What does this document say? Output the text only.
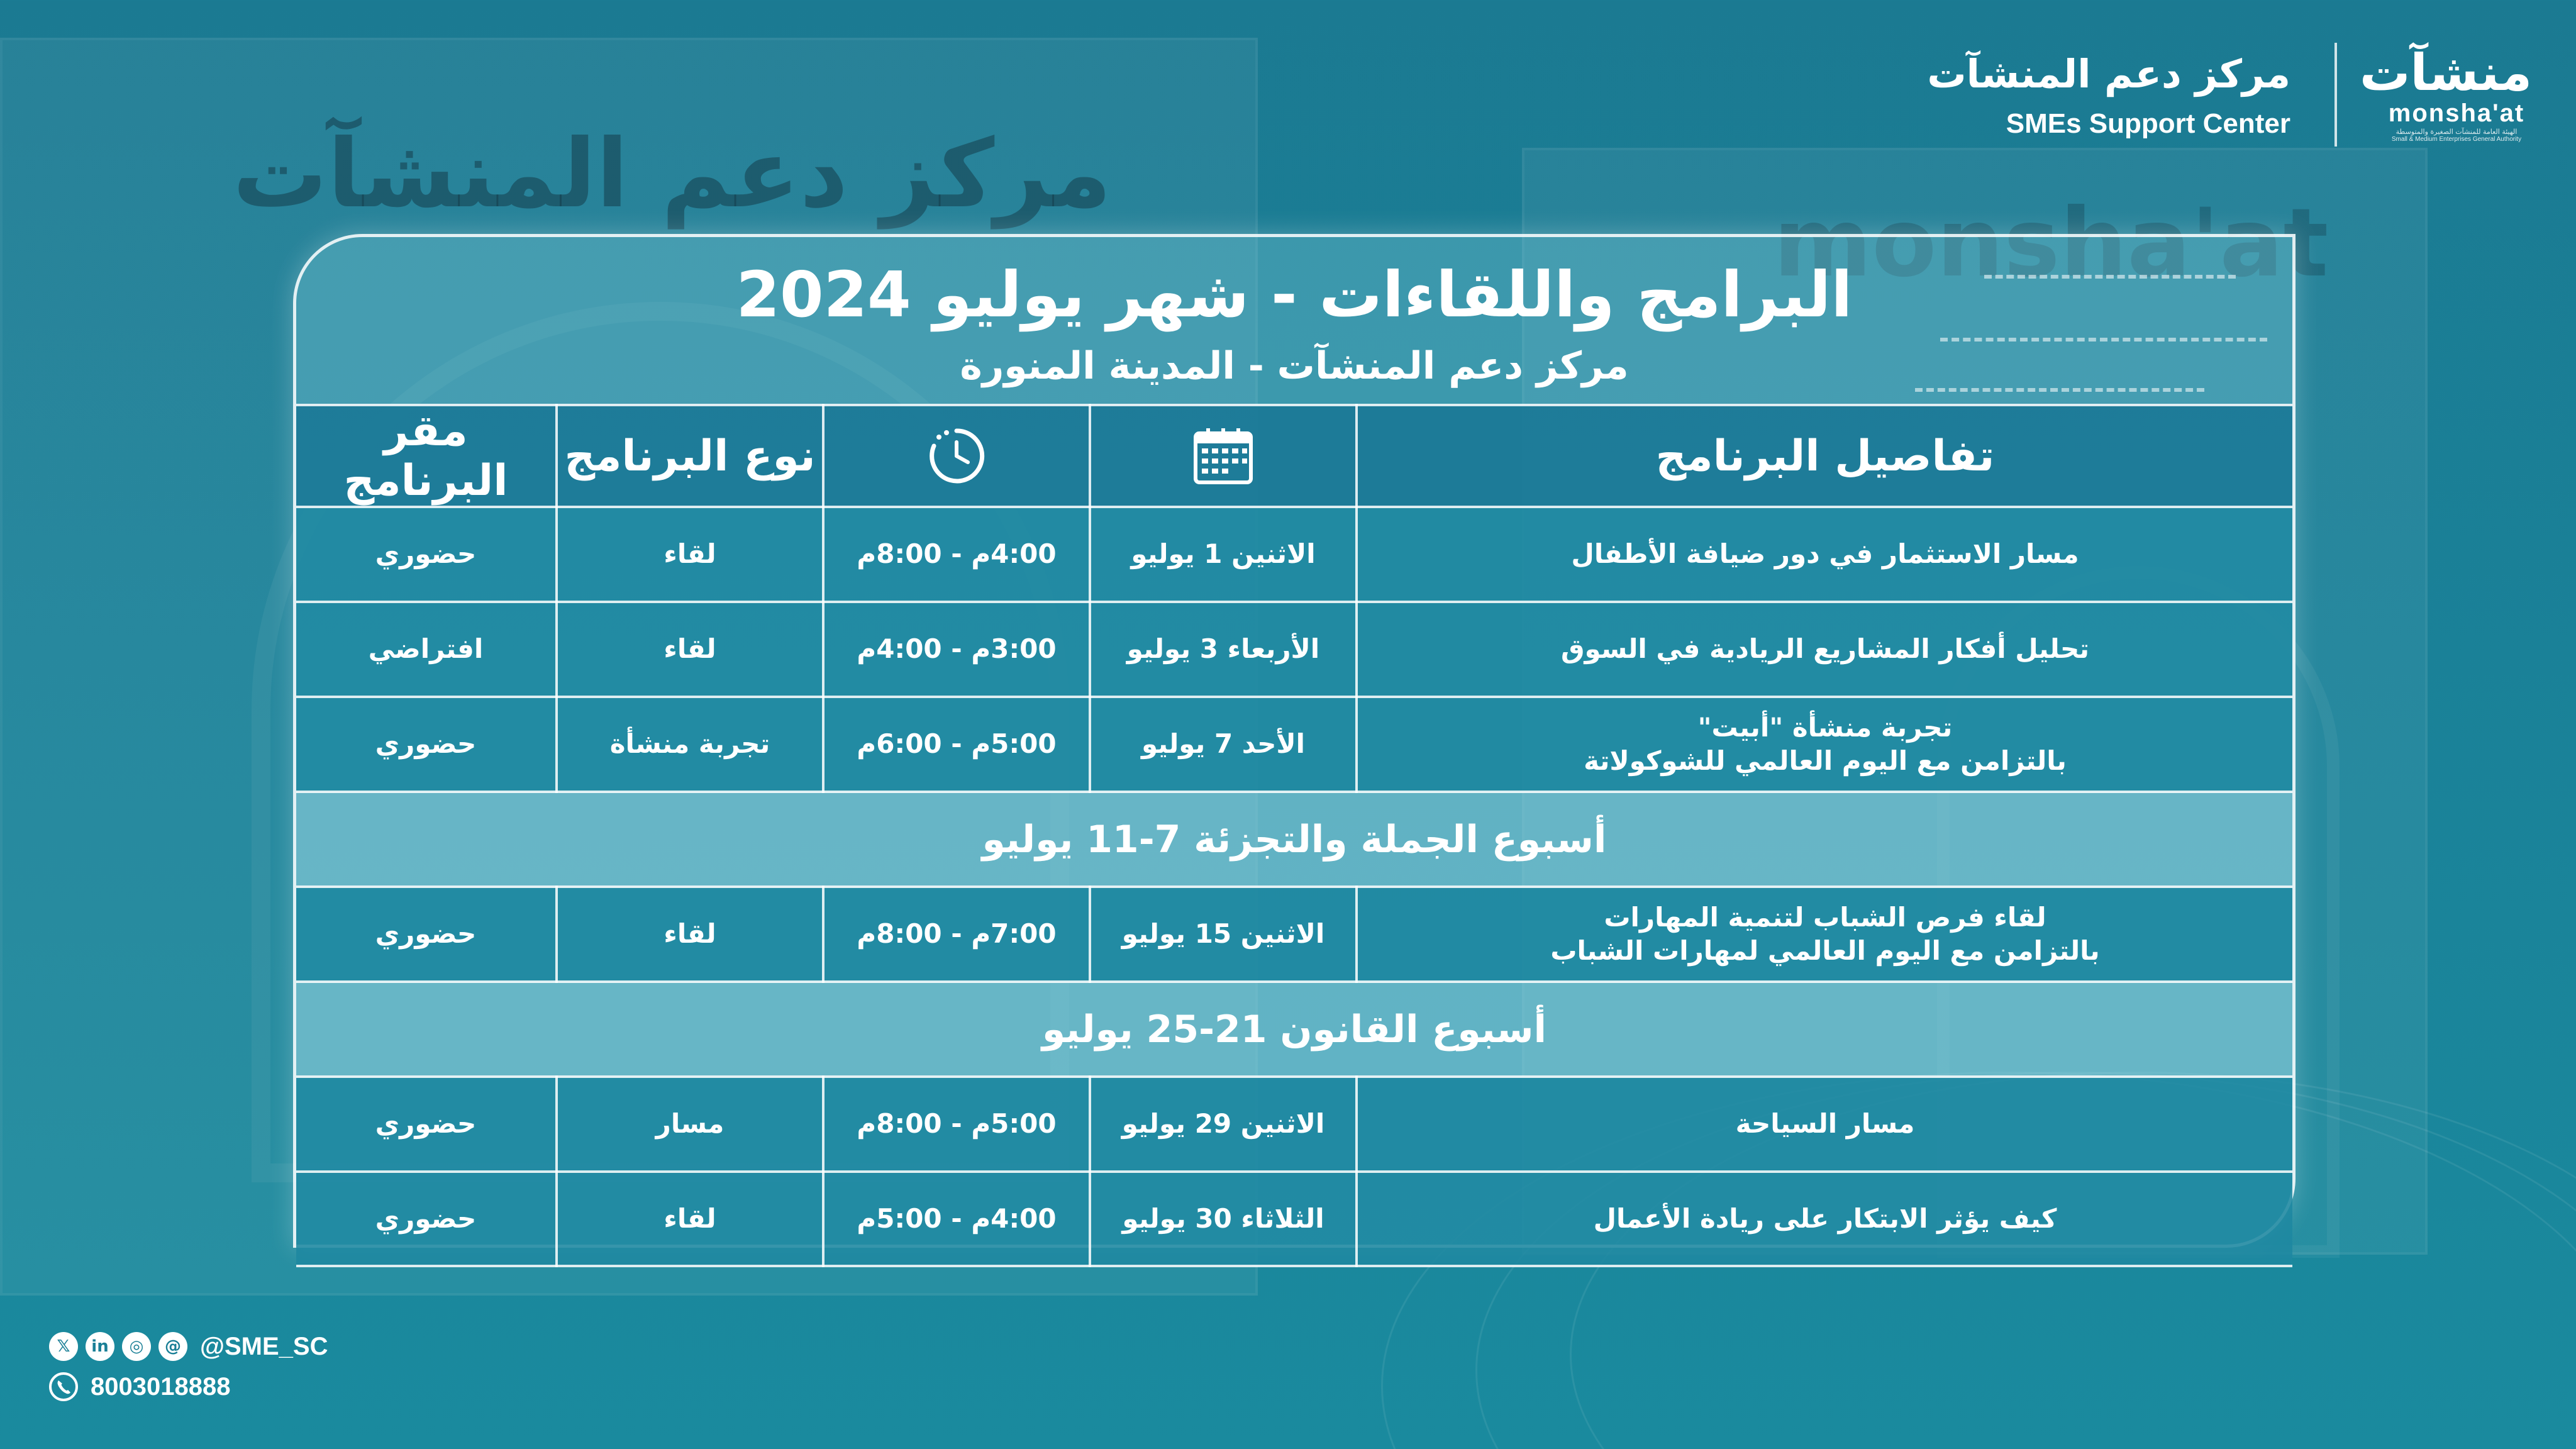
مركز دعم المنشآت
monsha'at
مركز دعم المنشآت
SMEs Support Center
منشآت
monsha'at
الهيئة العامة للمنشآت الصغيرة والمتوسطة
Small & Medium Enterprises General Authority
البرامج واللقاءات - شهر يوليو 2024
مركز دعم المنشآت - المدينة المنورة
تفاصيل البرنامج			نوع البرنامج	مقر البرنامج
مسار الاستثمار في دور ضيافة الأطفال	الاثنين 1 يوليو	4:00م - 8:00م	لقاء	حضوري
تحليل أفكار المشاريع الريادية في السوق	الأربعاء 3 يوليو	3:00م - 4:00م	لقاء	افتراضي

تجربة منشأة "أبيت"
بالتزامن مع اليوم العالمي للشوكولاتة	الأحد 7 يوليو	5:00م - 6:00م	تجربة منشأة	حضوري
أسبوع الجملة والتجزئة 7-11 يوليو				

لقاء فرص الشباب لتنمية المهارات
بالتزامن مع اليوم العالمي لمهارات الشباب	الاثنين 15 يوليو	7:00م - 8:00م	لقاء	حضوري
أسبوع القانون 21-25 يوليو				
مسار السياحة	الاثنين 29 يوليو	5:00م - 8:00م	مسار	حضوري
كيف يؤثر الابتكار على ريادة الأعمال	الثلاثاء 30 يوليو	4:00م - 5:00م	لقاء	حضوري
𝕏	in	◎	@ @SME_SC
8003018888
